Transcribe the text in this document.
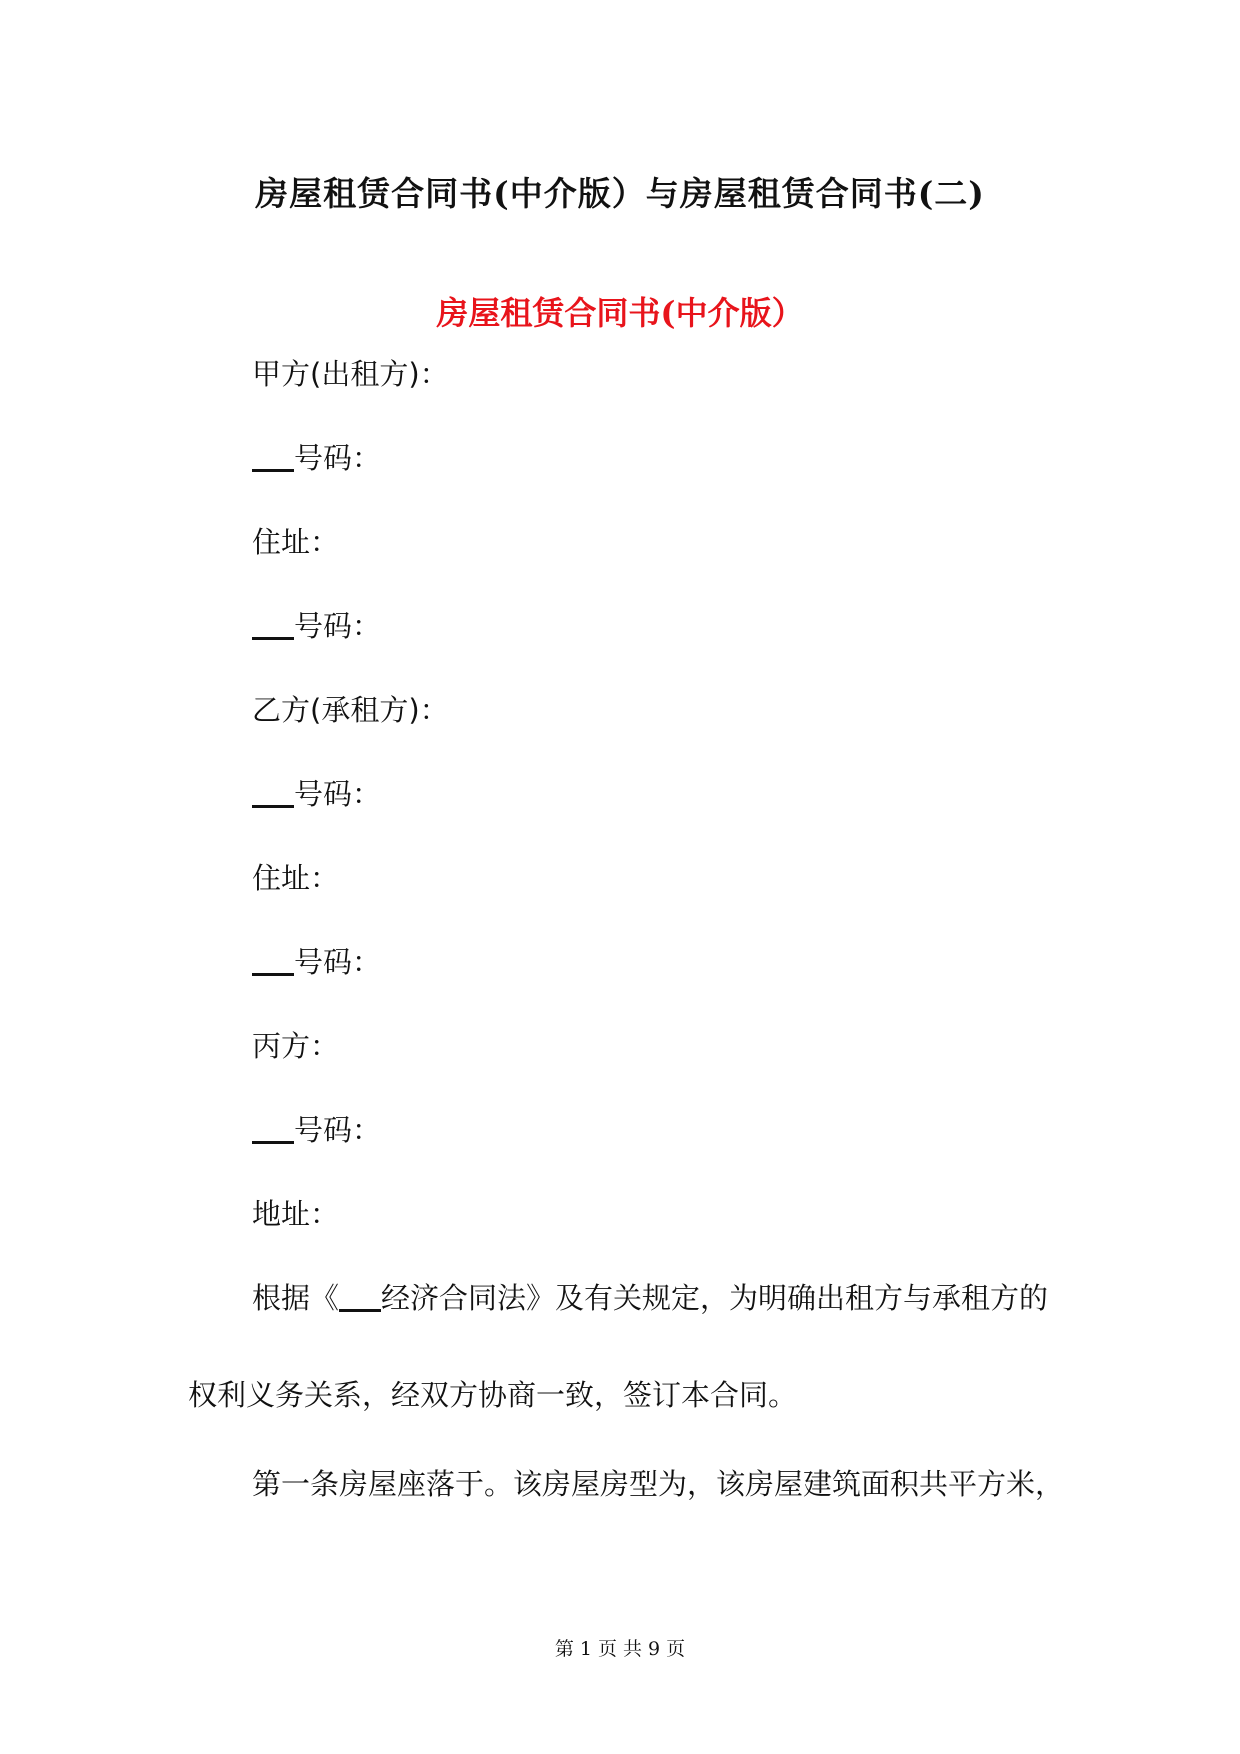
房屋租赁合同书(中介版）与房屋租赁合同书(二)
房屋租赁合同书(中介版）
甲方(出租方)：
号码：
住址：
号码：
乙方(承租方)：
号码：
住址：
号码：
丙方：
号码：
地址：
根据《 经济合同法》及有关规定，为明确出租方与承租方的
权利义务关系，经双方协商一致，签订本合同。
第一条房屋座落于。该房屋房型为，该房屋建筑面积共平方米，
第 1 页 共 9 页
